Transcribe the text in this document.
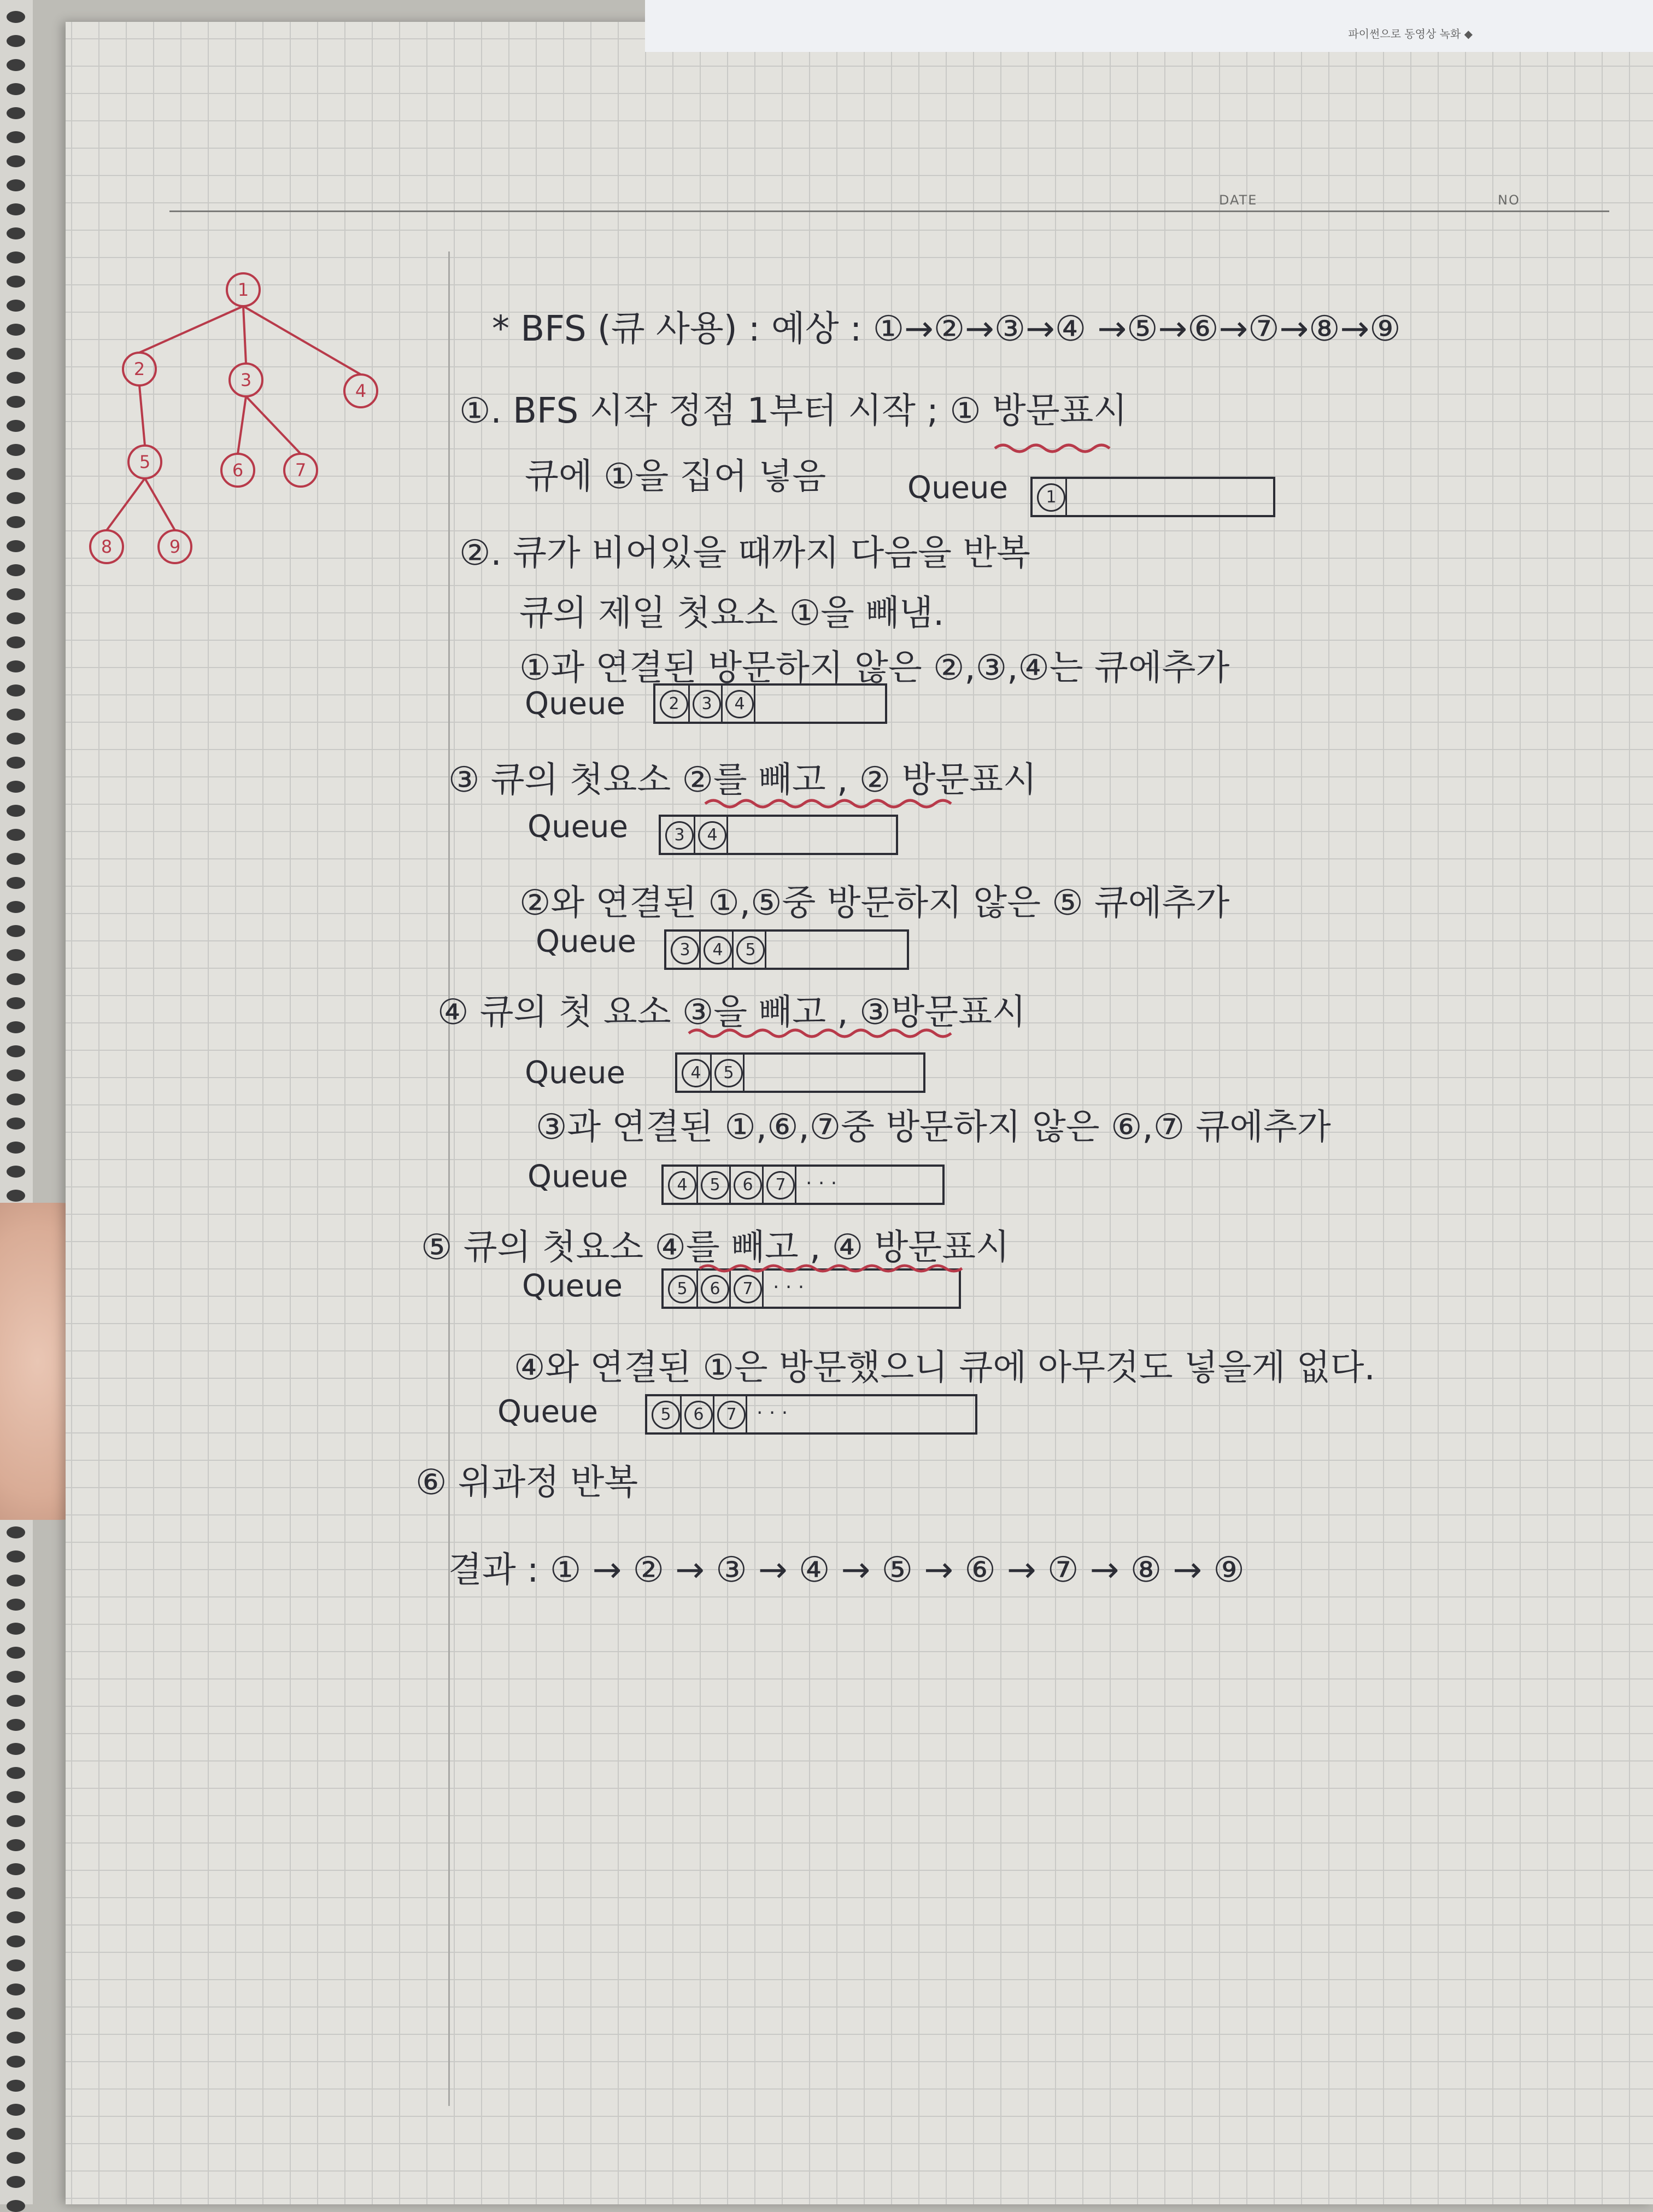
DATE	NO
파이썬으로 동영상 녹화 ◆
1
2
3
4
5	6	7
8	9
* BFS (큐 사용) : 예상 : ①→②→③→④ →⑤→⑥→⑦→⑧→⑨
①. BFS 시작 정점 1부터 시작 ; ① 방문표시
큐에 ①을 집어 넣음
②. 큐가 비어있을 때까지 다음을 반복
큐의 제일 첫요소 ①을 빼냄.
①과 연결된 방문하지 않은 ②,③,④는 큐에추가
③ 큐의 첫요소 ②를 빼고 , ② 방문표시
②와 연결된 ①,⑤중 방문하지 않은 ⑤ 큐에추가
④ 큐의 첫 요소 ③을 빼고 , ③방문표시
③과 연결된 ①,⑥,⑦중 방문하지 않은 ⑥,⑦ 큐에추가
⑤ 큐의 첫요소 ④를 빼고 , ④ 방문표시
④와 연결된 ①은 방문했으니 큐에 아무것도 넣을게 없다.
⑥ 위과정 반복
결과 : ① → ② → ③ → ④ → ⑤ → ⑥ → ⑦ → ⑧ → ⑨
Queue	1
Queue	2	3	4
Queue	3	4
Queue	3	4	5
Queue	4	5
Queue	4	5	6	7	· · ·
Queue	5	6	7	· · ·
Queue	5	6	7	· · ·
